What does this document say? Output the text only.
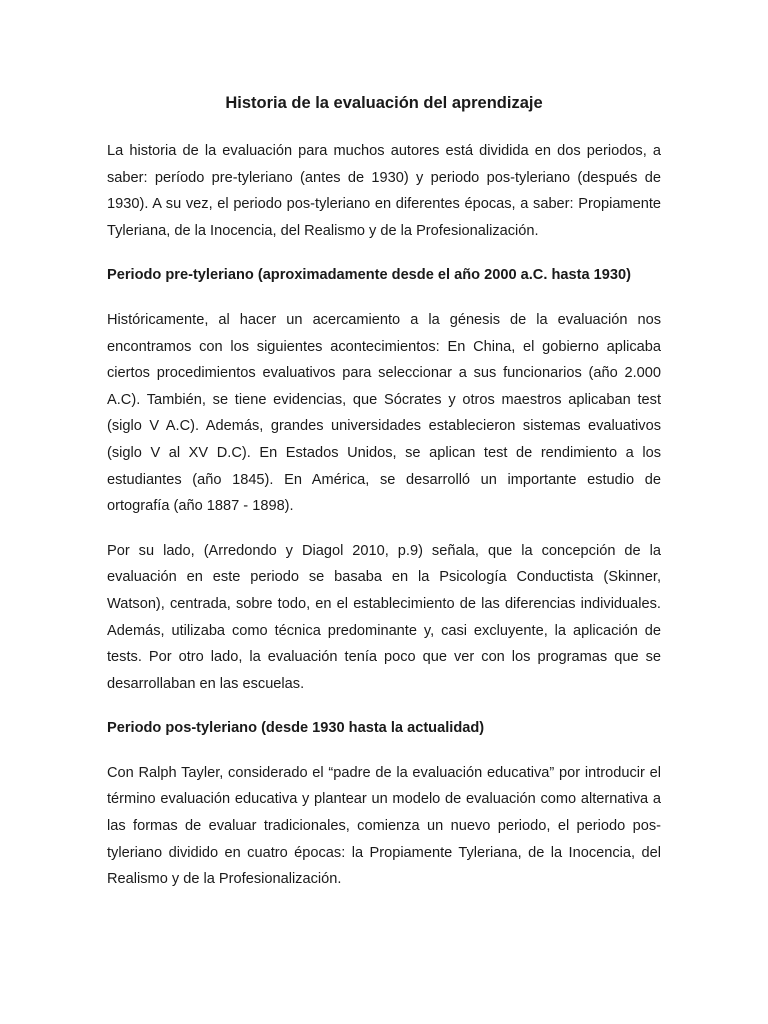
Historia de la evaluación del aprendizaje

La historia de la evaluación para muchos autores está dividida en dos periodos, a saber: período pre-tyleriano (antes de 1930) y periodo pos-tyleriano (después de 1930). A su vez, el periodo pos-tyleriano en diferentes épocas, a saber: Propiamente Tyleriana, de la Inocencia, del Realismo y de la Profesionalización.

Periodo pre-tyleriano (aproximadamente desde el año 2000 a.C. hasta 1930)

Históricamente, al hacer un acercamiento a la génesis de la evaluación nos encontramos con los siguientes acontecimientos: En China, el gobierno aplicaba ciertos procedimientos evaluativos para seleccionar a sus funcionarios (año 2.000 A.C). También, se tiene evidencias, que Sócrates y otros maestros aplicaban test (siglo V A.C). Además, grandes universidades establecieron sistemas evaluativos (siglo V al XV D.C). En Estados Unidos, se aplican test de rendimiento a los estudiantes (año 1845). En América, se desarrolló un importante estudio de ortografía (año 1887 - 1898).

Por su lado, (Arredondo y Diagol 2010, p.9) señala, que la concepción de la evaluación en este periodo se basaba en la Psicología Conductista (Skinner, Watson), centrada, sobre todo, en el establecimiento de las diferencias individuales. Además, utilizaba como técnica predominante y, casi excluyente, la aplicación de tests. Por otro lado, la evaluación tenía poco que ver con los programas que se desarrollaban en las escuelas.

Periodo pos-tyleriano (desde 1930 hasta la actualidad)

Con Ralph Tayler, considerado el “padre de la evaluación educativa” por introducir el término evaluación educativa y plantear un modelo de evaluación como alternativa a las formas de evaluar tradicionales, comienza un nuevo periodo, el periodo pos-tyleriano dividido en cuatro épocas: la Propiamente Tyleriana, de la Inocencia, del Realismo y de la Profesionalización.
